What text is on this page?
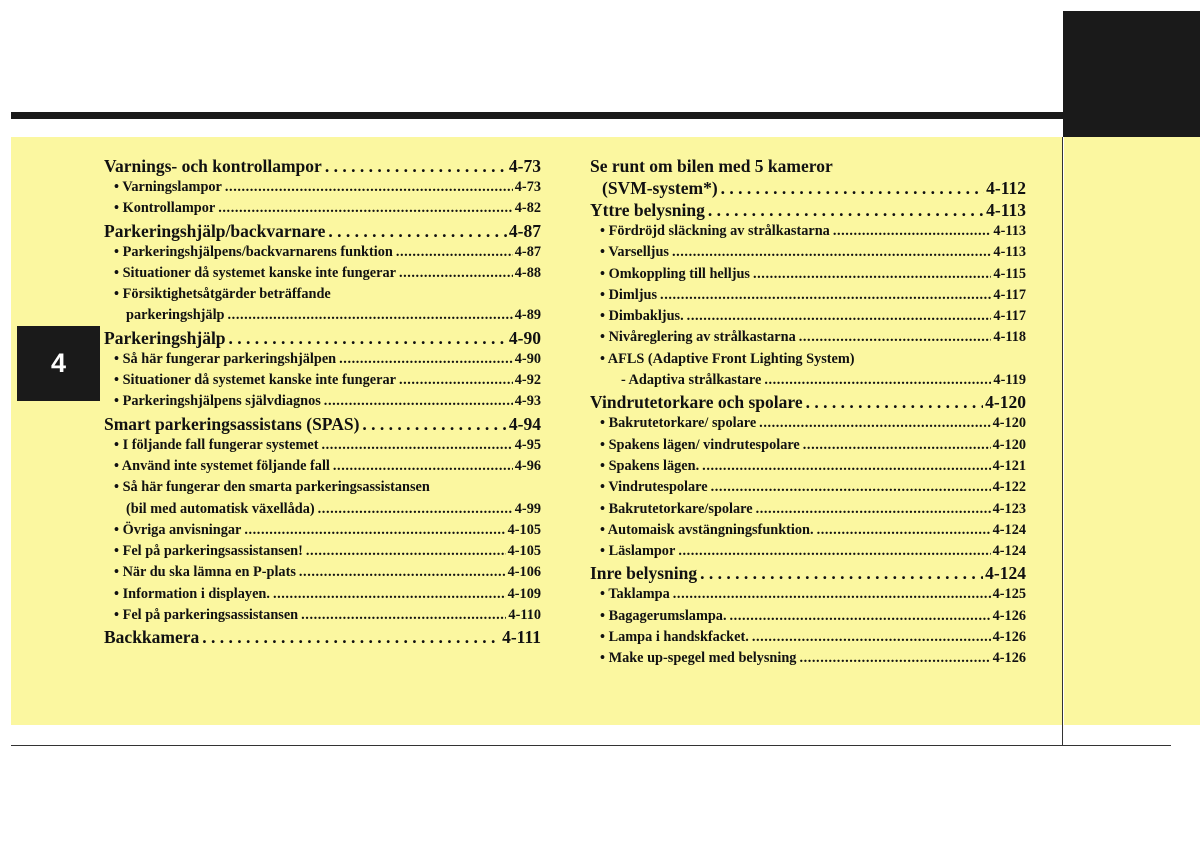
4
Varnings- och kontrollampor . . .	4-73
• Varningslampor . . .	4-73
• Kontrollampor . . .	4-82
Parkeringshjälp/backvarnare . . .	4-87
• Parkeringshjälpens/backvarnarens funktion . . .	4-87
• Situationer då systemet kanske inte fungerar . . .	4-88
• Försiktighetsåtgärder beträffande
parkeringshjälp . . .	4-89
Parkeringshjälp . . .	4-90
• Så här fungerar parkeringshjälpen . . .	4-90
• Situationer då systemet kanske inte fungerar . . .	4-92
• Parkeringshjälpens självdiagnos . . .	4-93
Smart parkeringsassistans (SPAS) . . .	4-94
• I följande fall fungerar systemet . . .	4-95
• Använd inte systemet följande fall . . .	4-96
• Så här fungerar den smarta parkeringsassistansen
(bil med automatisk växellåda) . . .	4-99
• Övriga anvisningar . . .	4-105
• Fel på parkeringsassistansen! . . .	4-105
• När du ska lämna en P-plats . . .	4-106
• Information i displayen. . . .	4-109
• Fel på parkeringsassistansen . . .	4-110
Backkamera . . .	4-111
Se runt om bilen med 5 kameror
(SVM-system*) . . .	4-112
Yttre belysning . . .	4-113
• Fördröjd släckning av strålkastarna . . .	4-113
• Varselljus . . .	4-113
• Omkoppling till helljus . . .	4-115
• Dimljus . . .	4-117
• Dimbakljus. . . .	4-117
• Nivåreglering av strålkastarna . . .	4-118
• AFLS (Adaptive Front Lighting System)
- Adaptiva strålkastare . . .	4-119
Vindrutetorkare och spolare . . .	4-120
• Bakrutetorkare/ spolare . . .	4-120
• Spakens lägen/ vindrutespolare . . .	4-120
• Spakens lägen. . . .	4-121
• Vindrutespolare . . .	4-122
• Bakrutetorkare/spolare . . .	4-123
• Automaisk avstängningsfunktion. . . .	4-124
• Läslampor . . .	4-124
Inre belysning . . .	4-124
• Taklampa . . .	4-125
• Bagagerumslampa. . . .	4-126
• Lampa i handskfacket. . . .	4-126
• Make up-spegel med belysning . . .	4-126
